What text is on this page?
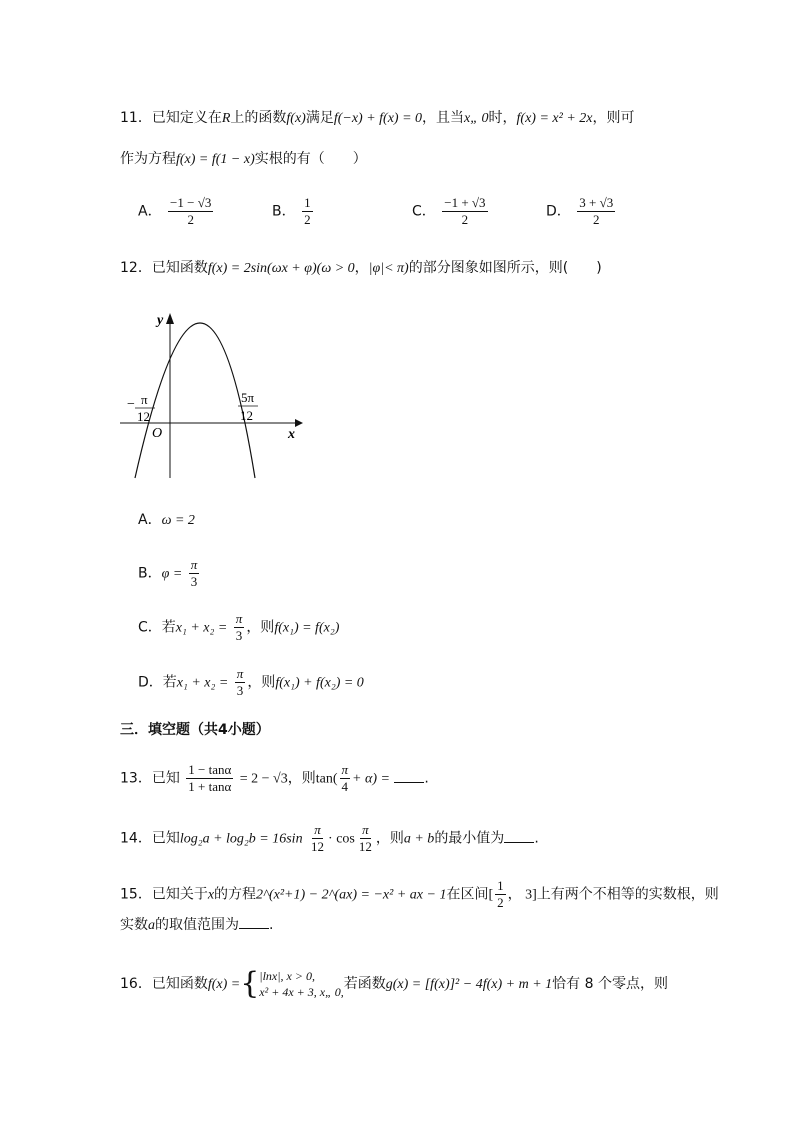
11．已知定义在R上的函数f(x)满足f(−x) + f(x) = 0，且当x„ 0时，f(x) = x² + 2x，则可
作为方程f(x) = f(1 − x)实根的有（　　）
A． $\frac{-1 - √3}{2}$	B． $\frac{1}{2}$	C． $\frac{-1 + √3}{2}$	D． $\frac{3 + √3}{2}$
12．已知函数f(x) = 2sin(ωx + φ)(ω > 0，|φ|< π)的部分图象如图所示，则(　　)
y
x
O
− π
12
5π
12
A．ω = 2
B．$\varphi = \frac{\pi}{3}$
C．若$x_1 + x_2 = \frac{\pi}{3}$ ，则f(x₁) = f(x₂)
D．若$x_1 + x_2 = \frac{\pi}{3}$ ，则f(x₁) + f(x₂) = 0
三．填空题（共4小题）
13．已知 $\frac{1 - \tan\alpha}{1 + \tan\alpha} = 2 - √3$，则$\tan( \frac{\pi}{4} + \alpha)$ = .
14．已知$\log_2a + \log_2b = 16\sin \frac{\pi}{12} \cdot \cos \frac{\pi}{12}$ ，则a + b的最小值为 .
15．已知关于x的方程2^(x²+1) − 2^(ax) = −x² + ax − 1在区间[ $\frac{1}{2}$ ， 3]上有两个不相等的实数根，则
实数a的取值范围为 .
16．已知函数f(x) ={ |lnx|, x > 0,
x² + 4x + 3, x„ 0, 若函数g(x) = [f(x)]² − 4f(x) + m + 1恰有 8 个零点，则
